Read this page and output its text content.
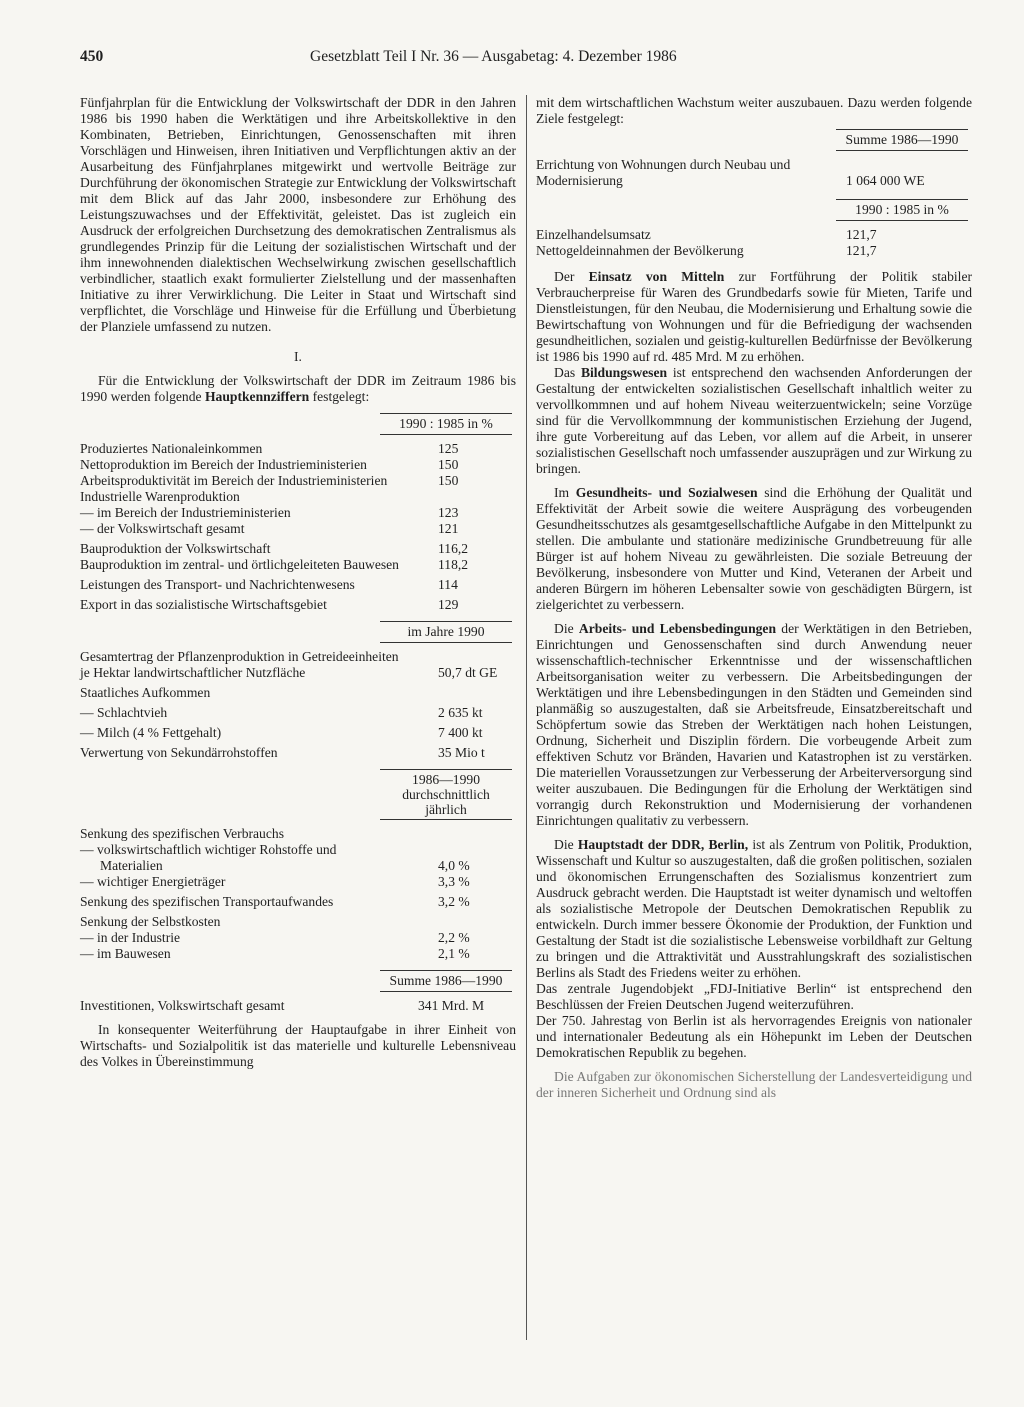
450	Gesetzblatt Teil I Nr. 36 — Ausgabetag: 4. Dezember 1986

Fünfjahrplan für die Entwicklung der Volkswirtschaft der DDR in den Jahren 1986 bis 1990 haben die Werktätigen und ihre Arbeitskollektive in den Kombinaten, Betrieben, Einrichtungen, Genossenschaften mit ihren Vorschlägen und Hinweisen, ihren Initiativen und Verpflichtungen aktiv an der Ausarbeitung des Fünfjahrplanes mitgewirkt und wertvolle Beiträge zur Durchführung der ökonomischen Strategie zur Entwicklung der Volkswirtschaft mit dem Blick auf das Jahr 2000, insbesondere zur Erhöhung des Leistungszuwachses und der Effektivität, geleistet. Das ist zugleich ein Ausdruck der erfolgreichen Durchsetzung des demokratischen Zentralismus als grundlegendes Prinzip für die Leitung der sozialistischen Wirtschaft und der ihm innewohnenden dialektischen Wechselwirkung zwischen gesellschaftlich verbindlicher, staatlich exakt formulierter Zielstellung und der massenhaften Initiative zu ihrer Verwirklichung. Die Leiter in Staat und Wirtschaft sind verpflichtet, die Vorschläge und Hinweise für die Erfüllung und Überbietung der Planziele umfassend zu nutzen.

I.

Für die Entwicklung der Volkswirtschaft der DDR im Zeitraum 1986 bis 1990 werden folgende Hauptkennziffern festgelegt:

1990 : 1985 in %
Produziertes Nationaleinkommen	125
Nettoproduktion im Bereich der Industrieministerien	150
Arbeitsproduktivität im Bereich der Industrieministerien	150
Industrielle Warenproduktion	
— im Bereich der Industrieministerien	123
— der Volkswirtschaft gesamt	121
Bauproduktion der Volkswirtschaft	116,2
Bauproduktion im zentral- und örtlichgeleiteten Bauwesen	118,2
Leistungen des Transport- und Nachrichtenwesens	114
Export in das sozialistische Wirtschaftsgebiet	129
im Jahre 1990
Gesamtertrag der Pflanzenproduktion in Getreideeinheiten je Hektar landwirtschaftlicher Nutzfläche	50,7 dt GE
Staatliches Aufkommen	
— Schlachtvieh	2 635 kt
— Milch (4 % Fettgehalt)	7 400 kt
Verwertung von Sekundärrohstoffen	35 Mio t
1986—1990 durchschnittlich jährlich
Senkung des spezifischen Verbrauchs	
— volkswirtschaftlich wichtiger Rohstoffe und Materialien	4,0 %
— wichtiger Energieträger	3,3 %
Senkung des spezifischen Transportaufwandes	3,2 %
Senkung der Selbstkosten	
— in der Industrie	2,2 %
— im Bauwesen	2,1 %
Summe 1986—1990
Investitionen, Volkswirtschaft gesamt	341 Mrd. M

In konsequenter Weiterführung der Hauptaufgabe in ihrer Einheit von Wirtschafts- und Sozialpolitik ist das materielle und kulturelle Lebensniveau des Volkes in Übereinstimmung

mit dem wirtschaftlichen Wachstum weiter auszubauen. Dazu werden folgende Ziele festgelegt:

Summe 1986—1990
Errichtung von Wohnungen durch Neubau und Modernisierung	1 064 000 WE
1990 : 1985 in %
Einzelhandelsumsatz	121,7
Nettogeldeinnahmen der Bevölkerung	121,7

Der Einsatz von Mitteln zur Fortführung der Politik stabiler Verbraucherpreise für Waren des Grundbedarfs sowie für Mieten, Tarife und Dienstleistungen, für den Neubau, die Modernisierung und Erhaltung sowie die Bewirtschaftung von Wohnungen und für die Befriedigung der wachsenden gesundheitlichen, sozialen und geistig-kulturellen Bedürfnisse der Bevölkerung ist 1986 bis 1990 auf rd. 485 Mrd. M zu erhöhen.

Das Bildungswesen ist entsprechend den wachsenden Anforderungen der Gestaltung der entwickelten sozialistischen Gesellschaft inhaltlich weiter zu vervollkommnen und auf hohem Niveau weiterzuentwickeln; seine Vorzüge sind für die Vervollkommnung der kommunistischen Erziehung der Jugend, ihre gute Vorbereitung auf das Leben, vor allem auf die Arbeit, in unserer sozialistischen Gesellschaft noch umfassender auszuprägen und zur Wirkung zu bringen.

Im Gesundheits- und Sozialwesen sind die Erhöhung der Qualität und Effektivität der Arbeit sowie die weitere Ausprägung des vorbeugenden Gesundheitsschutzes als gesamtgesellschaftliche Aufgabe in den Mittelpunkt zu stellen. Die ambulante und stationäre medizinische Grundbetreuung für alle Bürger ist auf hohem Niveau zu gewährleisten. Die soziale Betreuung der Bevölkerung, insbesondere von Mutter und Kind, Veteranen der Arbeit und anderen Bürgern im höheren Lebensalter sowie von geschädigten Bürgern, ist zielgerichtet zu verbessern.

Die Arbeits- und Lebensbedingungen der Werktätigen in den Betrieben, Einrichtungen und Genossenschaften sind durch Anwendung neuer wissenschaftlich-technischer Erkenntnisse und der wissenschaftlichen Arbeitsorganisation weiter zu verbessern. Die Arbeitsbedingungen der Werktätigen und ihre Lebensbedingungen in den Städten und Gemeinden sind planmäßig so auszugestalten, daß sie Arbeitsfreude, Einsatzbereitschaft und Schöpfertum sowie das Streben der Werktätigen nach hohen Leistungen, Ordnung, Sicherheit und Disziplin fördern. Die vorbeugende Arbeit zum effektiven Schutz vor Bränden, Havarien und Katastrophen ist zu verstärken. Die materiellen Voraussetzungen zur Verbesserung der Arbeiterversorgung sind weiter auszubauen. Die Bedingungen für die Erholung der Werktätigen sind vorrangig durch Rekonstruktion und Modernisierung der vorhandenen Einrichtungen qualitativ zu verbessern.

Die Hauptstadt der DDR, Berlin, ist als Zentrum von Politik, Produktion, Wissenschaft und Kultur so auszugestalten, daß die großen politischen, sozialen und ökonomischen Errungenschaften des Sozialismus konzentriert zum Ausdruck gebracht werden. Die Hauptstadt ist weiter dynamisch und weltoffen als sozialistische Metropole der Deutschen Demokratischen Republik zu entwickeln. Durch immer bessere Ökonomie der Produktion, der Funktion und Gestaltung der Stadt ist die sozialistische Lebensweise vorbildhaft zur Geltung zu bringen und die Attraktivität und Ausstrahlungskraft des sozialistischen Berlins als Stadt des Friedens weiter zu erhöhen.

Das zentrale Jugendobjekt „FDJ-Initiative Berlin“ ist entsprechend den Beschlüssen der Freien Deutschen Jugend weiterzuführen.

Der 750. Jahrestag von Berlin ist als hervorragendes Ereignis von nationaler und internationaler Bedeutung als ein Höhepunkt im Leben der Deutschen Demokratischen Republik zu begehen.

Die Aufgaben zur ökonomischen Sicherstellung der Landesverteidigung und der inneren Sicherheit und Ordnung sind als
